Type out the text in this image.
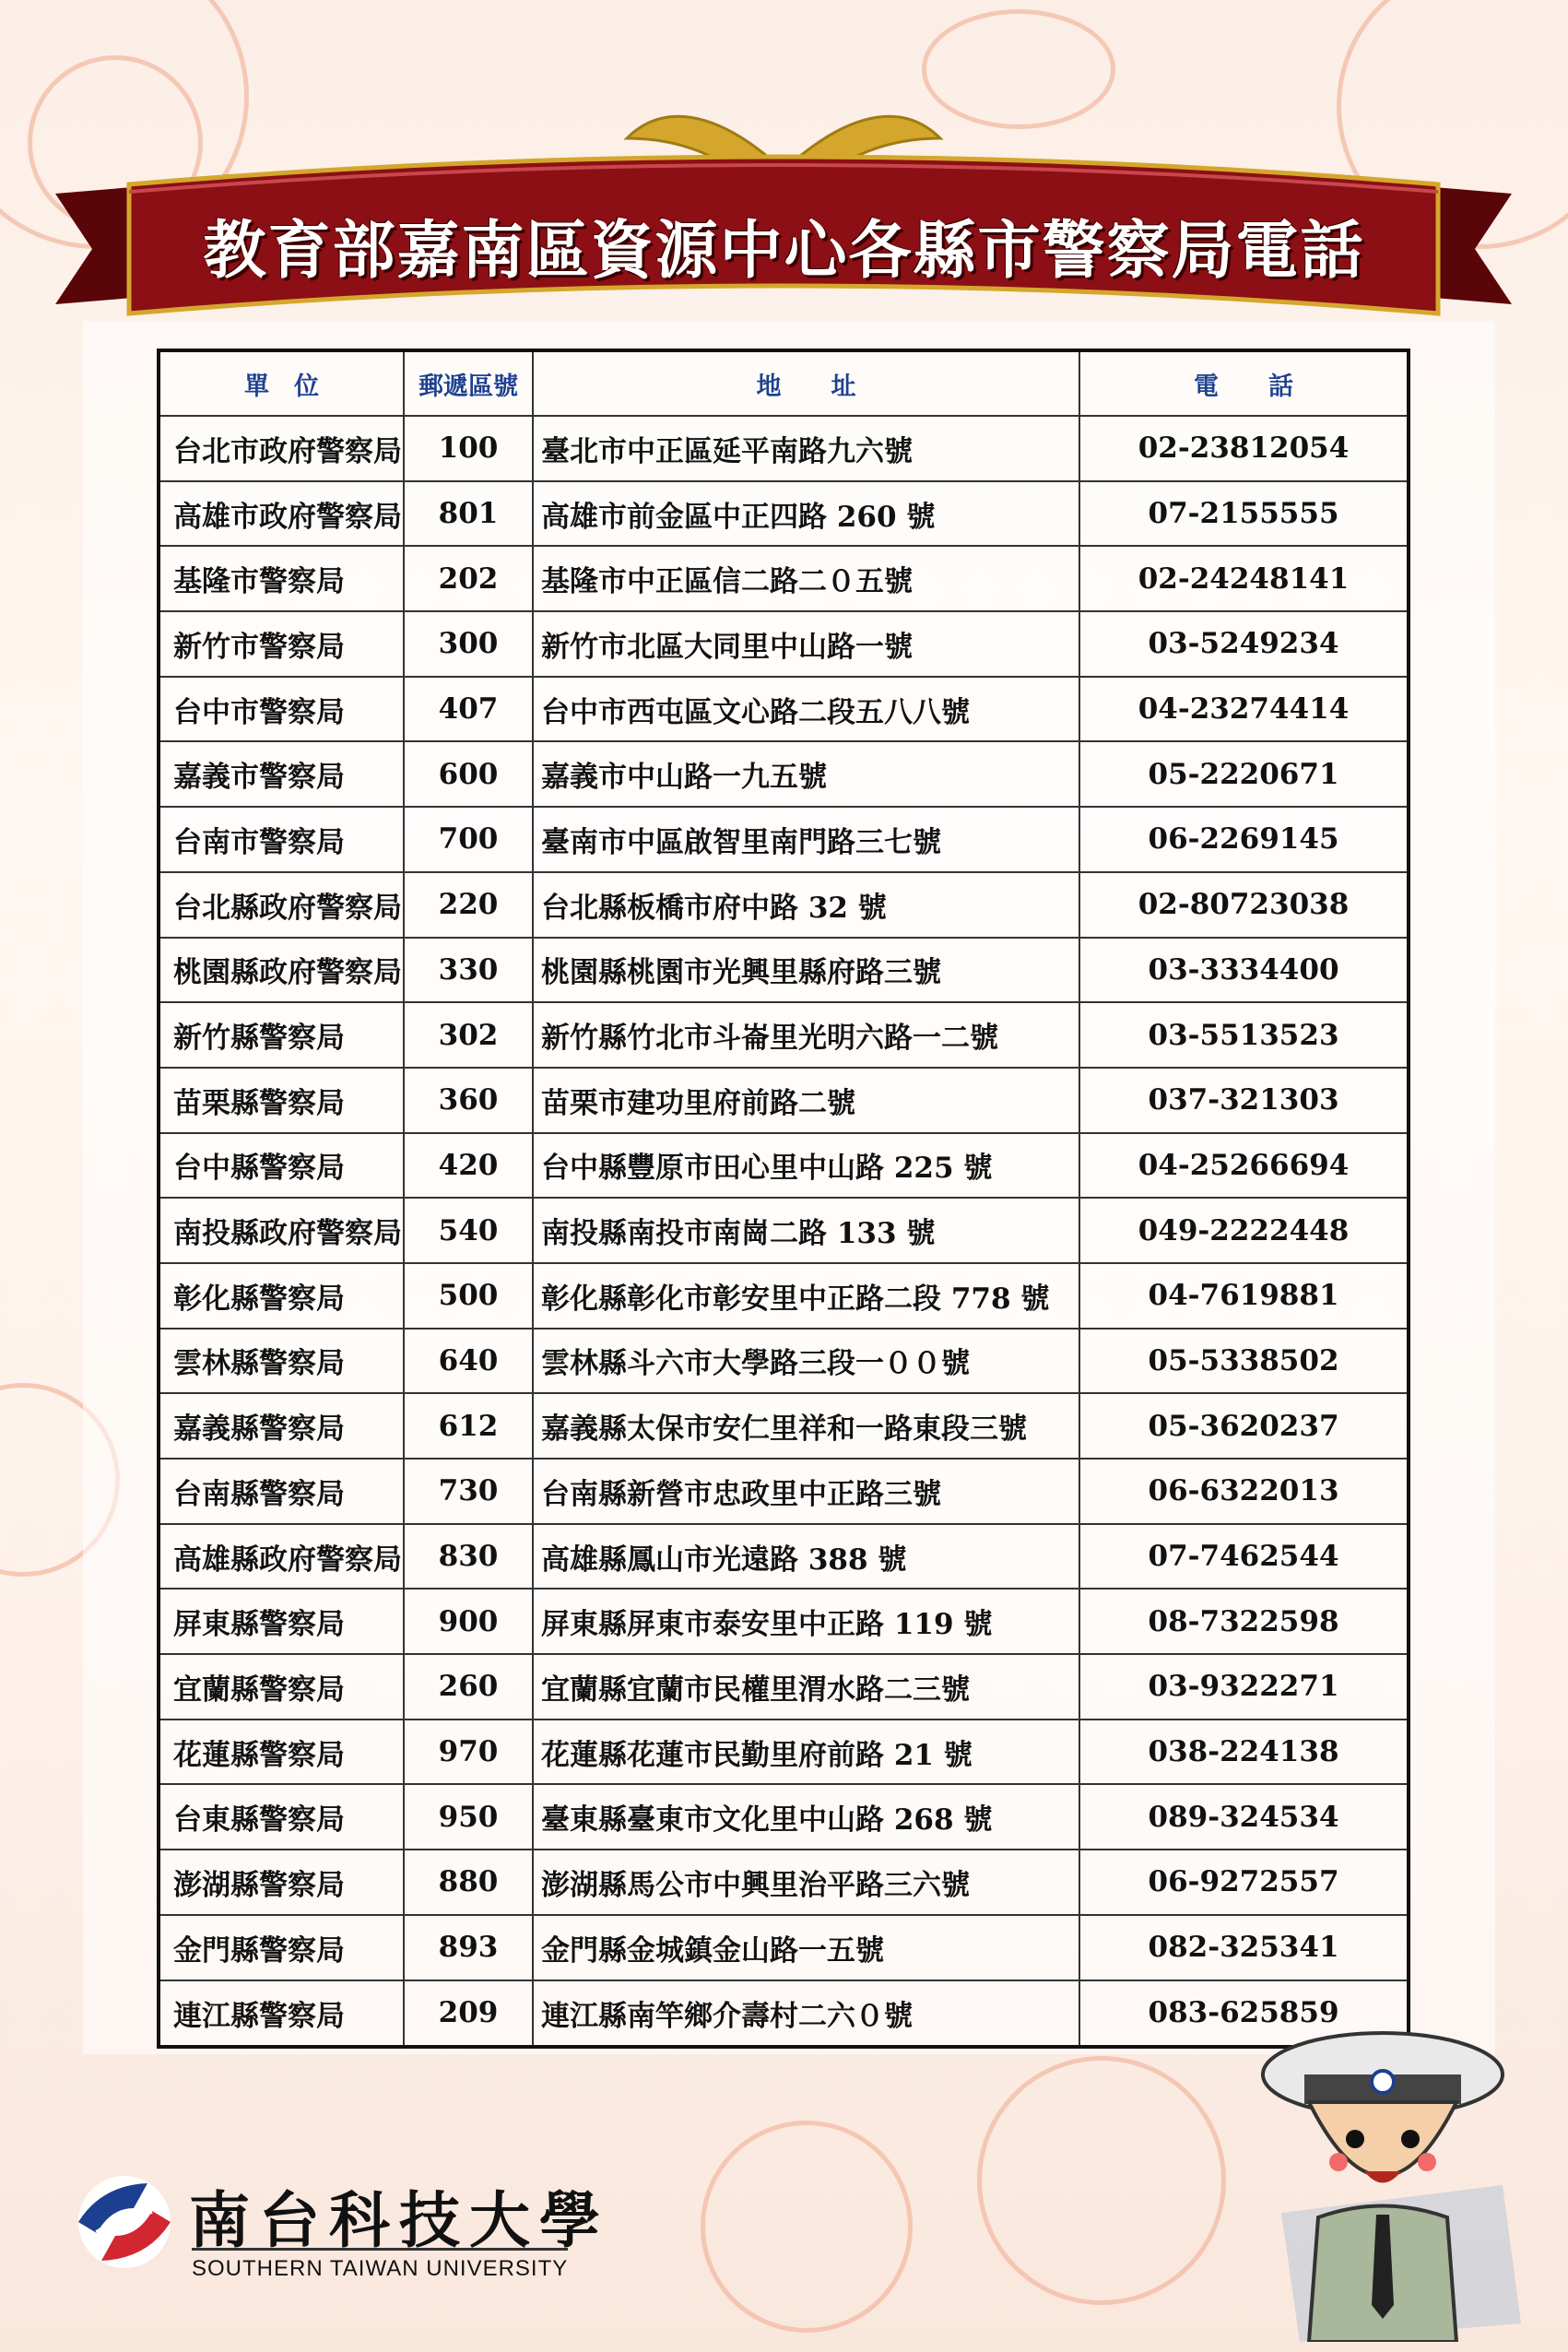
教育部嘉南區資源中心各縣市警察局電話
單　位	郵遞區號	地　　址	電　　話
台北市政府警察局	100	臺北市中正區延平南路九六號	02-23812054
高雄市政府警察局	801	高雄市前金區中正四路 260 號	07-2155555
基隆市警察局	202	基隆市中正區信二路二０五號	02-24248141
新竹市警察局	300	新竹市北區大同里中山路一號	03-5249234
台中市警察局	407	台中市西屯區文心路二段五八八號	04-23274414
嘉義市警察局	600	嘉義市中山路一九五號	05-2220671
台南市警察局	700	臺南市中區啟智里南門路三七號	06-2269145
台北縣政府警察局	220	台北縣板橋市府中路 32 號	02-80723038
桃園縣政府警察局	330	桃園縣桃園市光興里縣府路三號	03-3334400
新竹縣警察局	302	新竹縣竹北市斗崙里光明六路一二號	03-5513523
苗栗縣警察局	360	苗栗市建功里府前路二號	037-321303
台中縣警察局	420	台中縣豐原市田心里中山路 225 號	04-25266694
南投縣政府警察局	540	南投縣南投市南崗二路 133 號	049-2222448
彰化縣警察局	500	彰化縣彰化市彰安里中正路二段 778 號	04-7619881
雲林縣警察局	640	雲林縣斗六市大學路三段一００號	05-5338502
嘉義縣警察局	612	嘉義縣太保市安仁里祥和一路東段三號	05-3620237
台南縣警察局	730	台南縣新營市忠政里中正路三號	06-6322013
高雄縣政府警察局	830	高雄縣鳳山市光遠路 388 號	07-7462544
屏東縣警察局	900	屏東縣屏東市泰安里中正路 119 號	08-7322598
宜蘭縣警察局	260	宜蘭縣宜蘭市民權里渭水路二三號	03-9322271
花蓮縣警察局	970	花蓮縣花蓮市民勤里府前路 21 號	038-224138
台東縣警察局	950	臺東縣臺東市文化里中山路 268 號	089-324534
澎湖縣警察局	880	澎湖縣馬公市中興里治平路三六號	06-9272557
金門縣警察局	893	金門縣金城鎮金山路一五號	082-325341
連江縣警察局	209	連江縣南竿鄉介壽村二六０號	083-625859
南台科技大學
SOUTHERN TAIWAN UNIVERSITY
